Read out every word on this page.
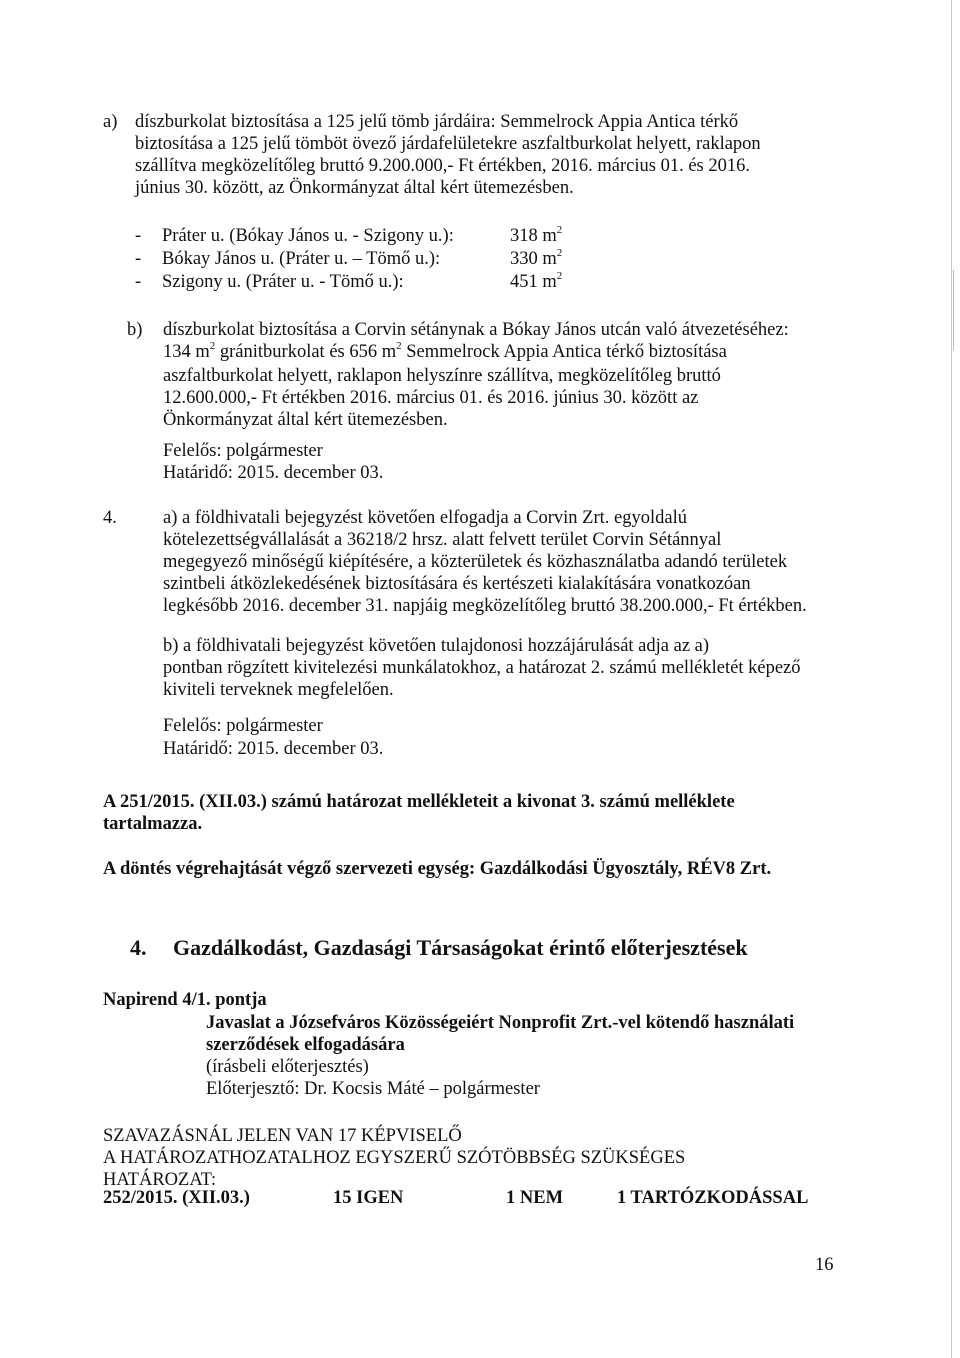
a) díszburkolat biztosítása a 125 jelű tömb járdáira: Semmelrock Appia Antica térkő
biztosítása a 125 jelű tömböt övező járdafelületekre aszfaltburkolat helyett, raklapon
szállítva megközelítőleg bruttó 9.200.000,- Ft értékben, 2016. március 01. és 2016.
június 30. között, az Önkormányzat által kért ütemezésben.
- Práter u. (Bókay János u. - Szigony u.):	318 $m^2$
- Bókay János u. (Práter u. – Tömő u.):	330 $m^2$
- Szigony u. (Práter u. - Tömő u.):	451 $m^2$
b) díszburkolat biztosítása a Corvin sétánynak a Bókay János utcán való átvezetéséhez:
134 $m^2$ gránitburkolat és 656 $m^2$ Semmelrock Appia Antica térkő biztosítása
aszfaltburkolat helyett, raklapon helyszínre szállítva, megközelítőleg bruttó
12.600.000,- Ft értékben 2016. március 01. és 2016. június 30. között az
Önkormányzat által kért ütemezésben.
Felelős: polgármester
Határidő: 2015. december 03.
4. a) a földhivatali bejegyzést követően elfogadja a Corvin Zrt. egyoldalú
kötelezettségvállalását a 36218/2 hrsz. alatt felvett terület Corvin Sétánnyal
megegyező minőségű kiépítésére, a közterületek és közhasználatba adandó területek
szintbeli átközlekedésének biztosítására és kertészeti kialakítására vonatkozóan
legkésőbb 2016. december 31. napjáig megközelítőleg bruttó 38.200.000,- Ft értékben.
b) a földhivatali bejegyzést követően tulajdonosi hozzájárulását adja az a)
pontban rögzített kivitelezési munkálatokhoz, a határozat 2. számú mellékletét képező
kiviteli terveknek megfelelően.
Felelős: polgármester
Határidő: 2015. december 03.
A 251/2015. (XII.03.) számú határozat mellékleteit a kivonat 3. számú melléklete
tartalmazza.
A döntés végrehajtását végző szervezeti egység: Gazdálkodási Ügyosztály, RÉV8 Zrt.
4. Gazdálkodást, Gazdasági Társaságokat érintő előterjesztések
Napirend 4/1. pontja
Javaslat a Józsefváros Közösségeiért Nonprofit Zrt.-vel kötendő használati
szerződések elfogadására
(írásbeli előterjesztés)
Előterjesztő: Dr. Kocsis Máté – polgármester
SZAVAZÁSNÁL JELEN VAN 17 KÉPVISELŐ
A HATÁROZATHOZATALHOZ EGYSZERŰ SZÓTÖBBSÉG SZÜKSÉGES
HATÁROZAT:
252/2015. (XII.03.)	15 IGEN	1 NEM	1 TARTÓZKODÁSSAL
16
